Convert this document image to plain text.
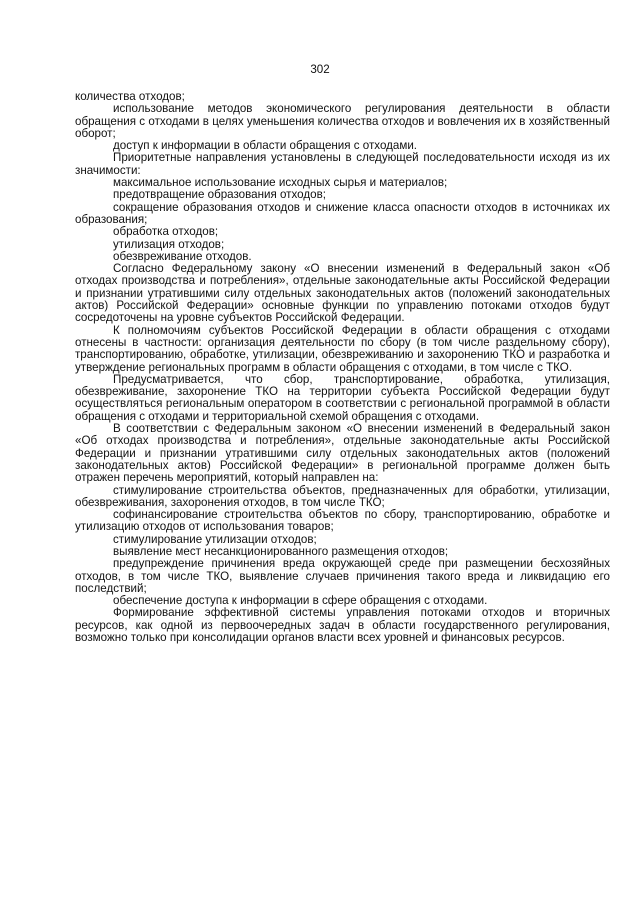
302

количества отходов;

использование методов экономического регулирования деятельности в области обращения с отходами в целях уменьшения количества отходов и вовлечения их в хозяйственный оборот;

доступ к информации в области обращения с отходами.

Приоритетные направления установлены в следующей последовательности исходя из их значимости:

максимальное использование исходных сырья и материалов;

предотвращение образования отходов;

сокращение образования отходов и снижение класса опасности отходов в источниках их образования;

обработка отходов;

утилизация отходов;

обезвреживание отходов.

Согласно Федеральному закону «О внесении изменений в Федеральный закон «Об отходах производства и потребления», отдельные законодательные акты Российской Федерации и признании утратившими силу отдельных законодательных актов (положений законодательных актов) Российской Федерации» основные функции по управлению потоками отходов будут сосредоточены на уровне субъектов Российской Федерации.

К полномочиям субъектов Российской Федерации в области обращения с отходами отнесены в частности: организация деятельности по сбору (в том числе раздельному сбору), транспортированию, обработке, утилизации, обезвреживанию и захоронению ТКО и разработка и утверждение региональных программ в области обращения с отходами, в том числе с ТКО.

Предусматривается, что сбор, транспортирование, обработка, утилизация, обезвреживание, захоронение ТКО на территории субъекта Российской Федерации будут осуществляться региональным оператором в соответствии с региональной программой в области обращения с отходами и территориальной схемой обращения с отходами.

В соответствии с Федеральным законом «О внесении изменений в Федеральный закон «Об отходах производства и потребления», отдельные законодательные акты Российской Федерации и признании утратившими силу отдельных законодательных актов (положений законодательных актов) Российской Федерации» в региональной программе должен быть отражен перечень мероприятий, который направлен на:

стимулирование строительства объектов, предназначенных для обработки, утилизации, обезвреживания, захоронения отходов, в том числе ТКО;

софинансирование строительства объектов по сбору, транспортированию, обработке и утилизацию отходов от использования товаров;

стимулирование утилизации отходов;

выявление мест несанкционированного размещения отходов;

предупреждение причинения вреда окружающей среде при размещении бесхозяйных отходов, в том числе ТКО, выявление случаев причинения такого вреда и ликвидацию его последствий;

обеспечение доступа к информации в сфере обращения с отходами.

Формирование эффективной системы управления потоками отходов и вторичных ресурсов, как одной из первоочередных задач в области государственного регулирования, возможно только при консолидации органов власти всех уровней и финансовых ресурсов.
